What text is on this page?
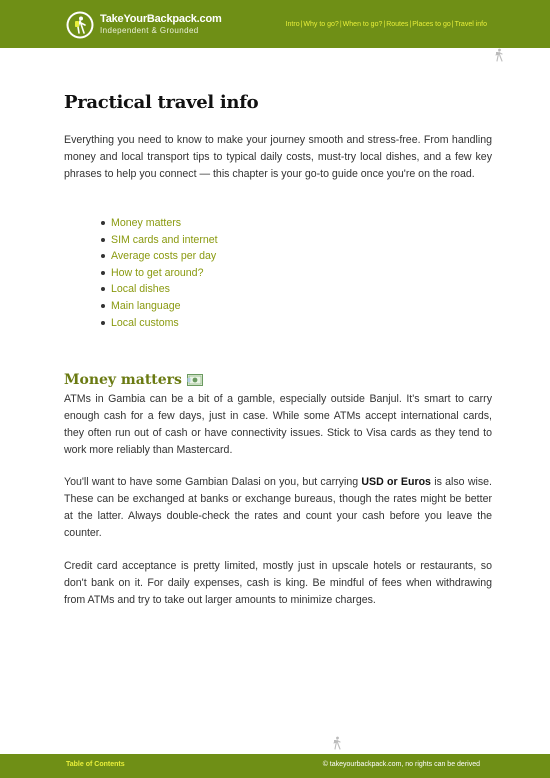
TakeYourBackpack.com
Independent & Grounded
Intro | Why to go? | When to go? | Routes | Places to go | Travel info
Practical travel info

Everything you need to know to make your journey smooth and stress-free. From handling money and local transport tips to typical daily costs, must-try local dishes, and a few key phrases to help you connect — this chapter is your go-to guide once you're on the road.

Money matters
SIM cards and internet
Average costs per day
How to get around?
Local dishes
Main language
Local customs
Money matters

ATMs in Gambia can be a bit of a gamble, especially outside Banjul. It's smart to carry enough cash for a few days, just in case. While some ATMs accept international cards, they often run out of cash or have connectivity issues. Stick to Visa cards as they tend to work more reliably than Mastercard.

You'll want to have some Gambian Dalasi on you, but carrying USD or Euros is also wise. These can be exchanged at banks or exchange bureaus, though the rates might be better at the latter. Always double-check the rates and count your cash before you leave the counter.

Credit card acceptance is pretty limited, mostly just in upscale hotels or restaurants, so don't bank on it. For daily expenses, cash is king. Be mindful of fees when withdrawing from ATMs and try to take out larger amounts to minimize charges.

Table of Contents	© takeyourbackpack.com, no rights can be derived
